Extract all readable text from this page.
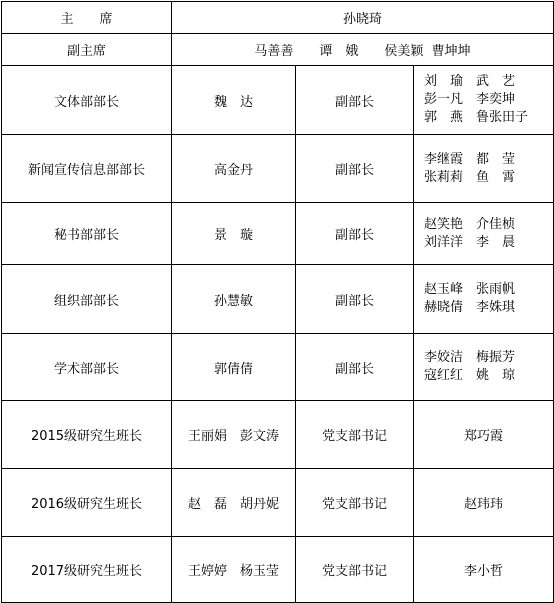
主　　席	孙晓琦		
副主席	马善善　　谭　娥　　侯美颖  曹坤坤		
文体部部长	魏　达	副部长	刘　瑜　武　艺
彭一凡　李奕坤
郭　燕　鲁张田子

新闻宣传信息部部长	高金丹	副部长	李继霞　都　莹
张莉莉　鱼　霄

秘书部部长	景　璇	副部长	赵笑艳　介佳桢
刘洋洋　李　晨

组织部部长	孙慧敏	副部长	赵玉峰　张雨帆
赫晓倩　李姝琪

学术部部长	郭倩倩	副部长	李姣洁　梅振芳
寇红红　姚　琼

2015级研究生班长	王丽娟　彭文涛	党支部书记	郑巧霞
2016级研究生班长	赵　磊　胡丹妮	党支部书记	赵玮玮
2017级研究生班长	王婷婷　杨玉莹	党支部书记	李小哲
